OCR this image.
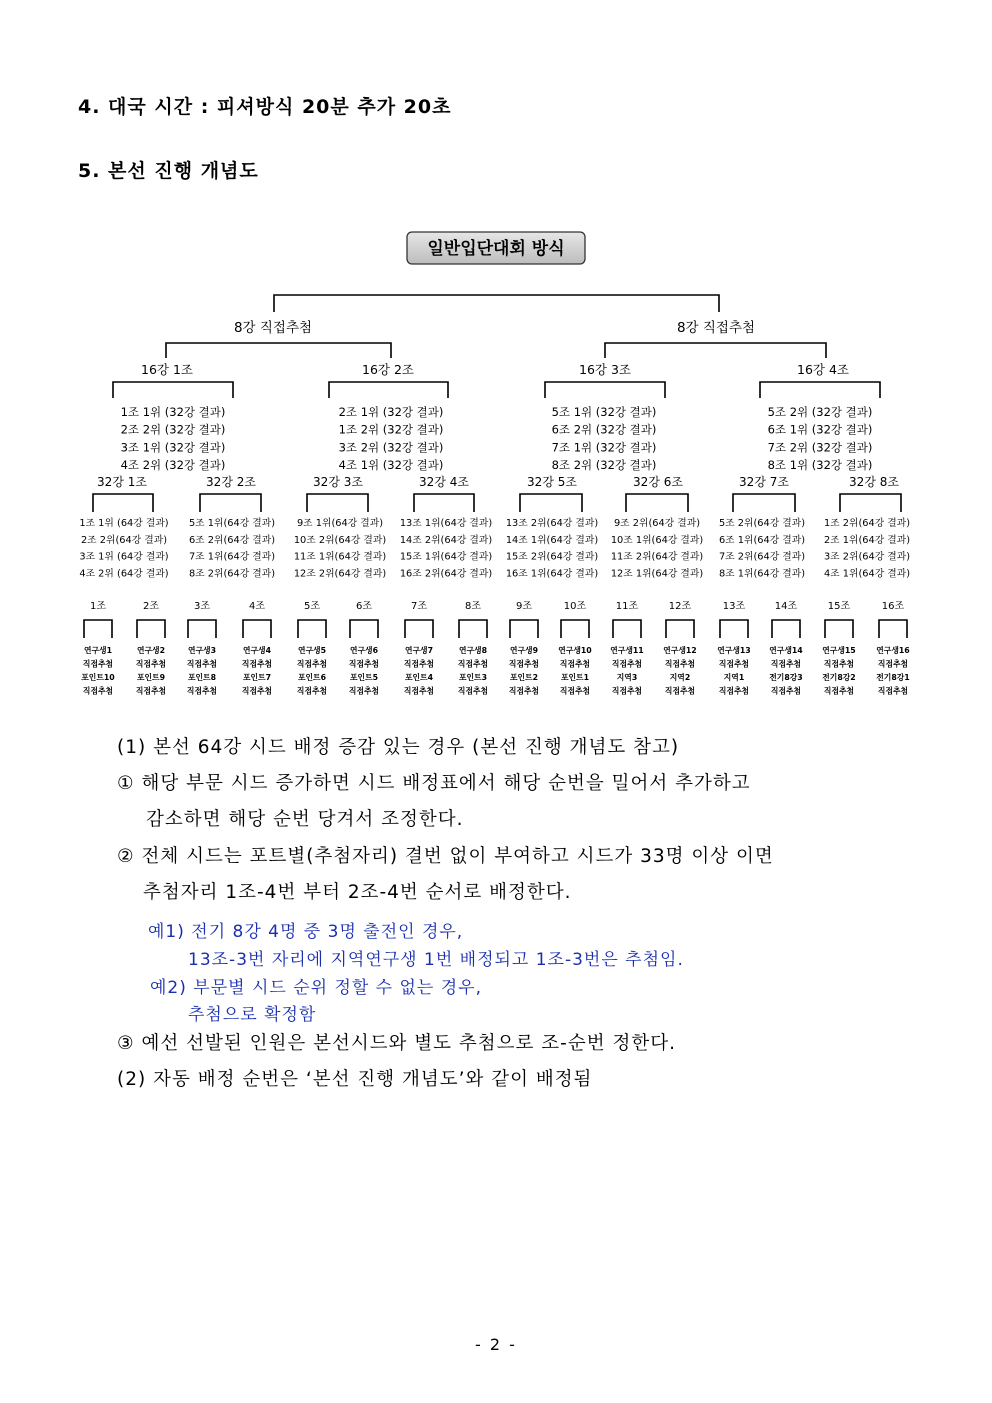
4. 대국 시간 : 피셔방식 20분 추가 20초
5. 본선 진행 개념도
일반입단대회 방식
8강 직접추첨	8강 직접추첨
16강 1조
1조 1위 (32강 결과)
2조 2위 (32강 결과)
3조 1위 (32강 결과)
4조 2위 (32강 결과)
16강 2조
2조 1위 (32강 결과)
1조 2위 (32강 결과)
3조 2위 (32강 결과)
4조 1위 (32강 결과)
16강 3조
5조 1위 (32강 결과)
6조 2위 (32강 결과)
7조 1위 (32강 결과)
8조 2위 (32강 결과)
16강 4조
5조 2위 (32강 결과)
6조 1위 (32강 결과)
7조 2위 (32강 결과)
8조 1위 (32강 결과)
32강 1조
1조 1위 (64강 결과)
2조 2위(64강 결과)
3조 1위 (64강 결과)
4조 2위 (64강 결과)
32강 2조
5조 1위(64강 결과)
6조 2위(64강 결과)
7조 1위(64강 결과)
8조 2위(64강 결과)
32강 3조
9조 1위(64강 결과)
10조 2위(64강 결과)
11조 1위(64강 결과)
12조 2위(64강 결과)
32강 4조
13조 1위(64강 결과)
14조 2위(64강 결과)
15조 1위(64강 결과)
16조 2위(64강 결과)
32강 5조
13조 2위(64강 결과)
14조 1위(64강 결과)
15조 2위(64강 결과)
16조 1위(64강 결과)
32강 6조
9조 2위(64강 결과)
10조 1위(64강 결과)
11조 2위(64강 결과)
12조 1위(64강 결과)
32강 7조
5조 2위(64강 결과)
6조 1위(64강 결과)
7조 2위(64강 결과)
8조 1위(64강 결과)
32강 8조
1조 2위(64강 결과)
2조 1위(64강 결과)
3조 2위(64강 결과)
4조 1위(64강 결과)
1조
연구생1
직접추첨
포인트10
직접추첨
2조
연구생2
직접추첨
포인트9
직접추첨
3조
연구생3
직접추첨
포인트8
직접추첨
4조
연구생4
직접추첨
포인트7
직접추첨
5조
연구생5
직접추첨
포인트6
직접추첨
6조
연구생6
직접추첨
포인트5
직접추첨
7조
연구생7
직접추첨
포인트4
직접추첨
8조
연구생8
직접추첨
포인트3
직접추첨
9조
연구생9
직접추첨
포인트2
직접추첨
10조
연구생10
직접추첨
포인트1
직접추첨
11조
연구생11
직접추첨
지역3
직접추첨
12조
연구생12
직접추첨
지역2
직접추첨
13조
연구생13
직접추첨
지역1
직접추첨
14조
연구생14
직접추첨
전기8강3
직접추첨
15조
연구생15
직접추첨
전기8강2
직접추첨
16조
연구생16
직접추첨
전기8강1
직접추첨
(1) 본선 64강 시드 배정 증감 있는 경우 (본선 진행 개념도 참고)
① 해당 부문 시드 증가하면 시드 배정표에서 해당 순번을 밀어서 추가하고
감소하면 해당 순번 당겨서 조정한다.
② 전체 시드는 포트별(추첨자리) 결번 없이 부여하고 시드가 33명 이상 이면
추첨자리 1조-4번 부터 2조-4번 순서로 배정한다.
예1) 전기 8강 4명 중 3명 출전인 경우,
13조-3번 자리에 지역연구생 1번 배정되고 1조-3번은 추첨임.
예2) 부문별 시드 순위 정할 수 없는 경우,
추첨으로 확정함
③ 예선 선발된 인원은 본선시드와 별도 추첨으로 조-순번 정한다.
(2) 자동 배정 순번은 ‘본선 진행 개념도’와 같이 배정됨
- 2 -
